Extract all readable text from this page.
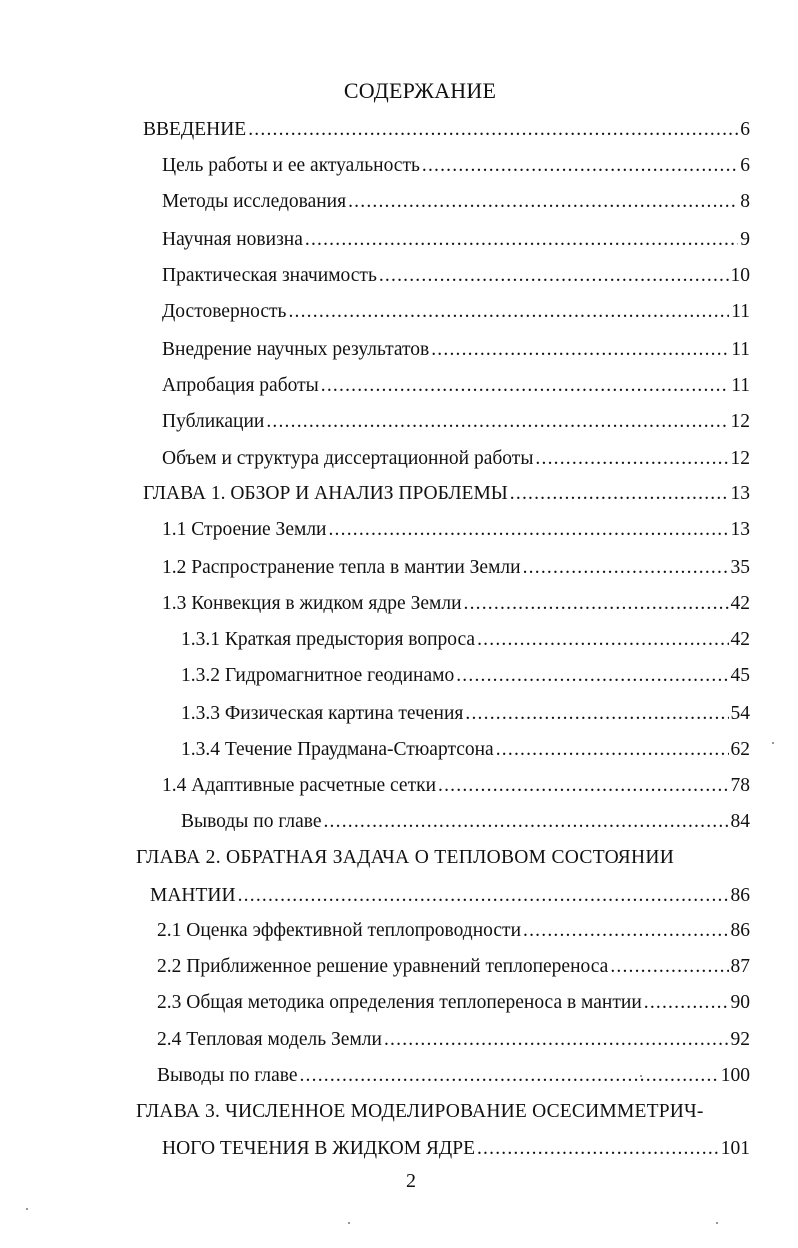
СОДЕРЖАНИЕ
ВВЕДЕНИЕ .....	6
Цель работы и ее актуальность .....	6
Методы исследования .....	8
Научная новизна .....	9
Практическая значимость .....	10
Достоверность .....	11
Внедрение научных результатов .....	11
Апробация работы .....	11
Публикации .....	12
Объем и структура диссертационной работы .....	12
ГЛАВА 1. ОБЗОР И АНАЛИЗ ПРОБЛЕМЫ .....	13
1.1 Строение Земли .....	13
1.2 Распространение тепла в мантии Земли .....	35
1.3 Конвекция в жидком ядре Земли .....	42
1.3.1 Краткая предыстория вопроса .....	42
1.3.2 Гидромагнитное геодинамо .....	45
1.3.3 Физическая картина течения .....	54
1.3.4 Течение Праудмана-Стюартсона .....	62
1.4 Адаптивные расчетные сетки .....	78
Выводы по главе .....	84
ГЛАВА 2. ОБРАТНАЯ ЗАДАЧА О ТЕПЛОВОМ СОСТОЯНИИ
МАНТИИ .....	86
2.1 Оценка эффективной теплопроводности .....	86
2.2 Приближенное решение уравнений теплопереноса .....	87
2.3 Общая методика определения теплопереноса в мантии .....	90
2.4 Тепловая модель Земли .....	92
Выводы по главе .....	100
ГЛАВА 3. ЧИСЛЕННОЕ МОДЕЛИРОВАНИЕ ОСЕСИММЕТРИЧ-
НОГО ТЕЧЕНИЯ В ЖИДКОМ ЯДРЕ .....	101
2
